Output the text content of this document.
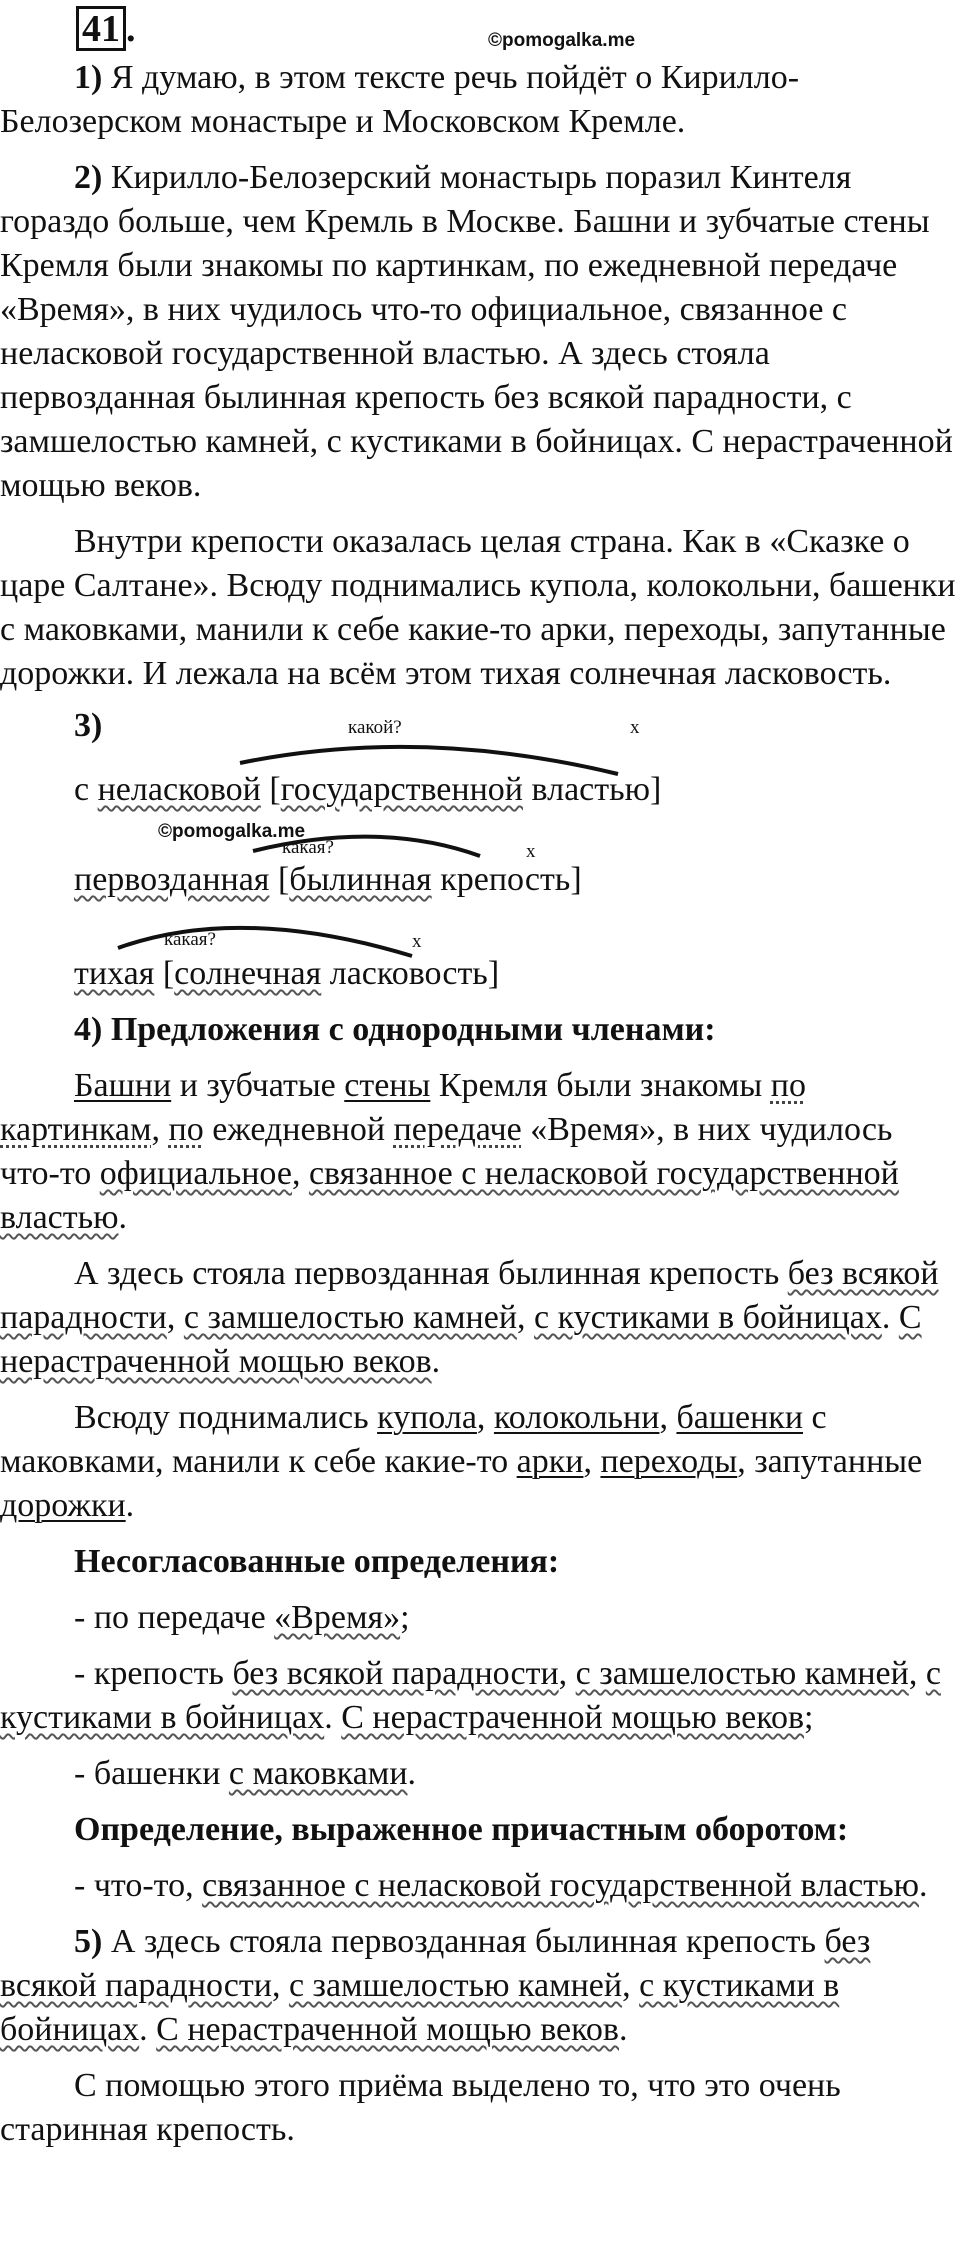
41 .	©pomogalka.me

1) Я думаю, в этом тексте речь пойдёт о Кирилло-Белозерском монастыре и Московском Кремле.

2) Кирилло-Белозерский монастырь поразил Кинтеля гораздо больше, чем Кремль в Москве. Башни и зубчатые стены Кремля были знакомы по картинкам, по ежедневной передаче «Время», в них чудилось что-то официальное, связанное с неласковой государственной властью. А здесь стояла первозданная былинная крепость без всякой парадности, с замшелостью камней, с кустиками в бойницах. С нерастраченной мощью веков.

Внутри крепости оказалась целая страна. Как в «Сказке о царе Салтане». Всюду поднимались купола, колокольни, башенки с маковками, манили к себе какие-то арки, переходы, запутанные дорожки. И лежала на всём этом тихая солнечная ласковость.

3)	какой?	х
с неласковой [государственной властью]
©pomogalka.me
какая?	х
первозданная [былинная крепость]
какая?	х
тихая [солнечная ласковость]

4) Предложения с однородными членами:

Башни и зубчатые стены Кремля были знакомы по картинкам, по ежедневной передаче «Время», в них чудилось что-то официальное, связанное с неласковой государственной властью.

А здесь стояла первозданная былинная крепость без всякой парадности, с замшелостью камней, с кустиками в бойницах. С нерастраченной мощью веков.

Всюду поднимались купола, колокольни, башенки с маковками, манили к себе какие-то арки, переходы, запутанные дорожки.

Несогласованные определения:

- по передаче «Время»;

- крепость без всякой парадности, с замшелостью камней, с кустиками в бойницах. С нерастраченной мощью веков;

- башенки с маковками.

Определение, выраженное причастным оборотом:

- что-то, связанное с неласковой государственной властью.

5) А здесь стояла первозданная былинная крепость без всякой парадности, с замшелостью камней, с кустиками в бойницах. С нерастраченной мощью веков.

С помощью этого приёма выделено то, что это очень старинная крепость.
